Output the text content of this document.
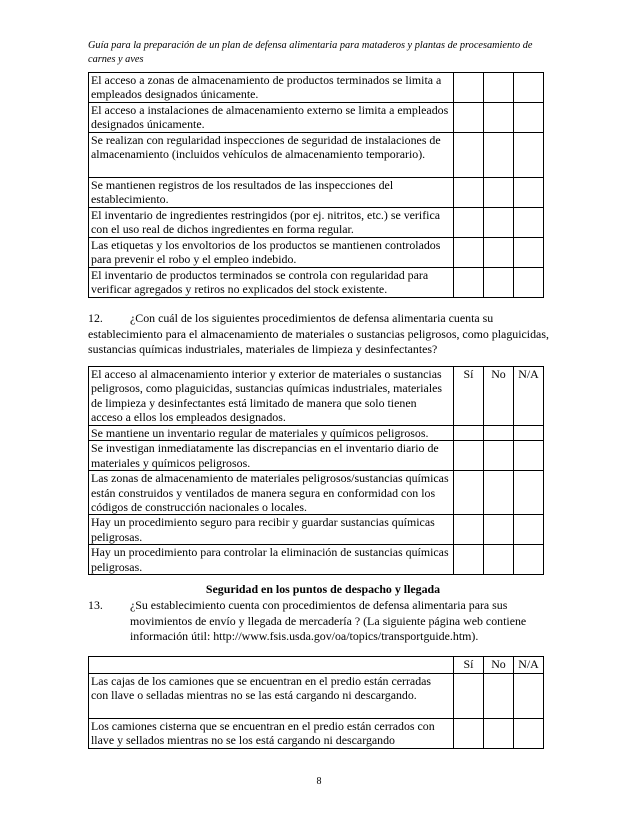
Guía para la preparación de un plan de defensa alimentaria para mataderos y plantas de procesamiento de carnes y aves
El acceso a zonas de almacenamiento de productos terminados se limita a empleados designados únicamente.			
El acceso a instalaciones de almacenamiento externo se limita a empleados designados únicamente.			
Se realizan con regularidad inspecciones de seguridad de instalaciones de almacenamiento (incluidos vehículos de almacenamiento temporario).			
Se mantienen registros de los resultados de las inspecciones del establecimiento.			
El inventario de ingredientes restringidos (por ej. nitritos, etc.) se verifica con el uso real de dichos ingredientes en forma regular.			
Las etiquetas y los envoltorios de los productos se mantienen controlados para prevenir el robo y el empleo indebido.			
El inventario de productos terminados se controla con regularidad para verificar agregados y retiros no explicados del stock existente.			
12. ¿Con cuál de los siguientes procedimientos de defensa alimentaria cuenta su establecimiento para el almacenamiento de materiales o sustancias peligrosos, como plaguicidas, sustancias químicas industriales, materiales de limpieza y desinfectantes?
El acceso al almacenamiento interior y exterior de materiales o sustancias peligrosos, como plaguicidas, sustancias químicas industriales, materiales de limpieza y desinfectantes está limitado de manera que solo tienen acceso a ellos los empleados designados.	Sí	No	N/A
Se mantiene un inventario regular de materiales y químicos peligrosos.			
Se investigan inmediatamente las discrepancias en el inventario diario de materiales y químicos peligrosos.			
Las zonas de almacenamiento de materiales peligrosos/sustancias químicas están construidos y ventilados de manera segura en conformidad con los códigos de construcción nacionales o locales.			
Hay un procedimiento seguro para recibir y guardar sustancias químicas peligrosas.			
Hay un procedimiento para controlar la eliminación de sustancias químicas peligrosas.			
Seguridad en los puntos de despacho y llegada
13. ¿Su establecimiento cuenta con procedimientos de defensa alimentaria para sus movimientos de envío y llegada de mercadería ? (La siguiente página web contiene información útil: http://www.fsis.usda.gov/oa/topics/transportguide.htm).
	Sí	No	N/A
Las cajas de los camiones que se encuentran en el predio están cerradas con llave o selladas mientras no se las está cargando ni descargando.			
Los camiones cisterna que se encuentran en el predio están cerrados con llave y sellados mientras no se los está cargando ni descargando			
8
